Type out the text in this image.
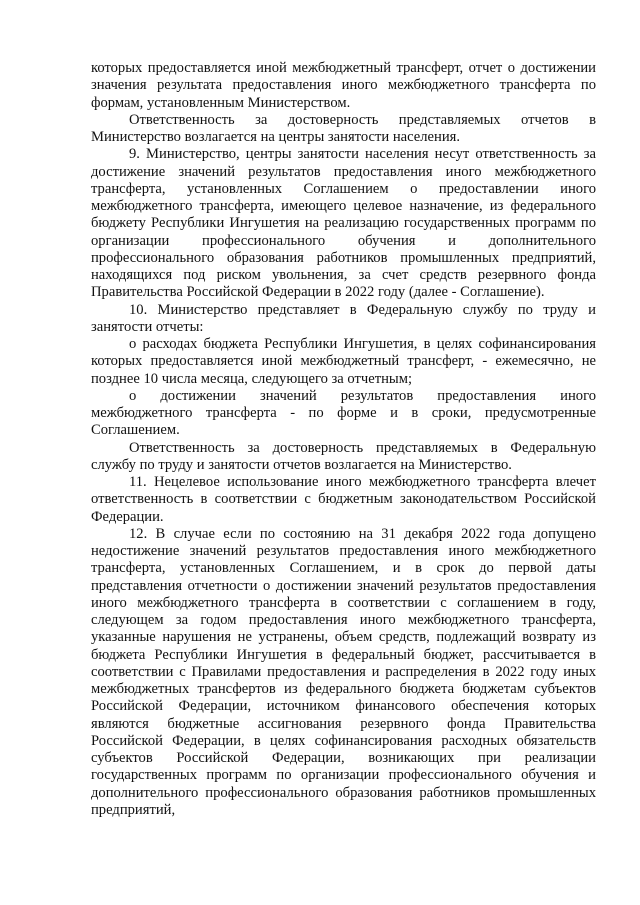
которых предоставляется иной межбюджетный трансферт, отчет о достижении значения результата предоставления иного межбюджетного трансферта по формам, установленным Министерством.

Ответственность за достоверность представляемых отчетов в Министерство возлагается на центры занятости населения.

9. Министерство, центры занятости населения несут ответственность за достижение значений результатов предоставления иного межбюджетного трансферта, установленных Соглашением о предоставлении иного межбюджетного трансферта, имеющего целевое назначение, из федерального бюджету Республики Ингушетия на реализацию государственных программ по организации профессионального обучения и дополнительного профессионального образования работников промышленных предприятий, находящихся под риском увольнения, за счет средств резервного фонда Правительства Российской Федерации в 2022 году (далее - Соглашение).

10. Министерство представляет в Федеральную службу по труду и занятости отчеты:

о расходах бюджета Республики Ингушетия, в целях софинансирования которых предоставляется иной межбюджетный трансферт, - ежемесячно, не позднее 10 числа месяца, следующего за отчетным;

о достижении значений результатов предоставления иного межбюджетного трансферта - по форме и в сроки, предусмотренные Соглашением.

Ответственность за достоверность представляемых в Федеральную службу по труду и занятости отчетов возлагается на Министерство.

11. Нецелевое использование иного межбюджетного трансферта влечет ответственность в соответствии с бюджетным законодательством Российской Федерации.

12. В случае если по состоянию на 31 декабря 2022 года допущено недостижение значений результатов предоставления иного межбюджетного трансферта, установленных Соглашением, и в срок до первой даты представления отчетности о достижении значений результатов предоставления иного межбюджетного трансферта в соответствии с соглашением в году, следующем за годом предоставления иного межбюджетного трансферта, указанные нарушения не устранены, объем средств, подлежащий возврату из бюджета Республики Ингушетия в федеральный бюджет, рассчитывается в соответствии с Правилами предоставления и распределения в 2022 году иных межбюджетных трансфертов из федерального бюджета бюджетам субъектов Российской Федерации, источником финансового обеспечения которых являются бюджетные ассигнования резервного фонда Правительства Российской Федерации, в целях софинансирования расходных обязательств субъектов Российской Федерации, возникающих при реализации государственных программ по организации профессионального обучения и дополнительного профессионального образования работников промышленных предприятий,
